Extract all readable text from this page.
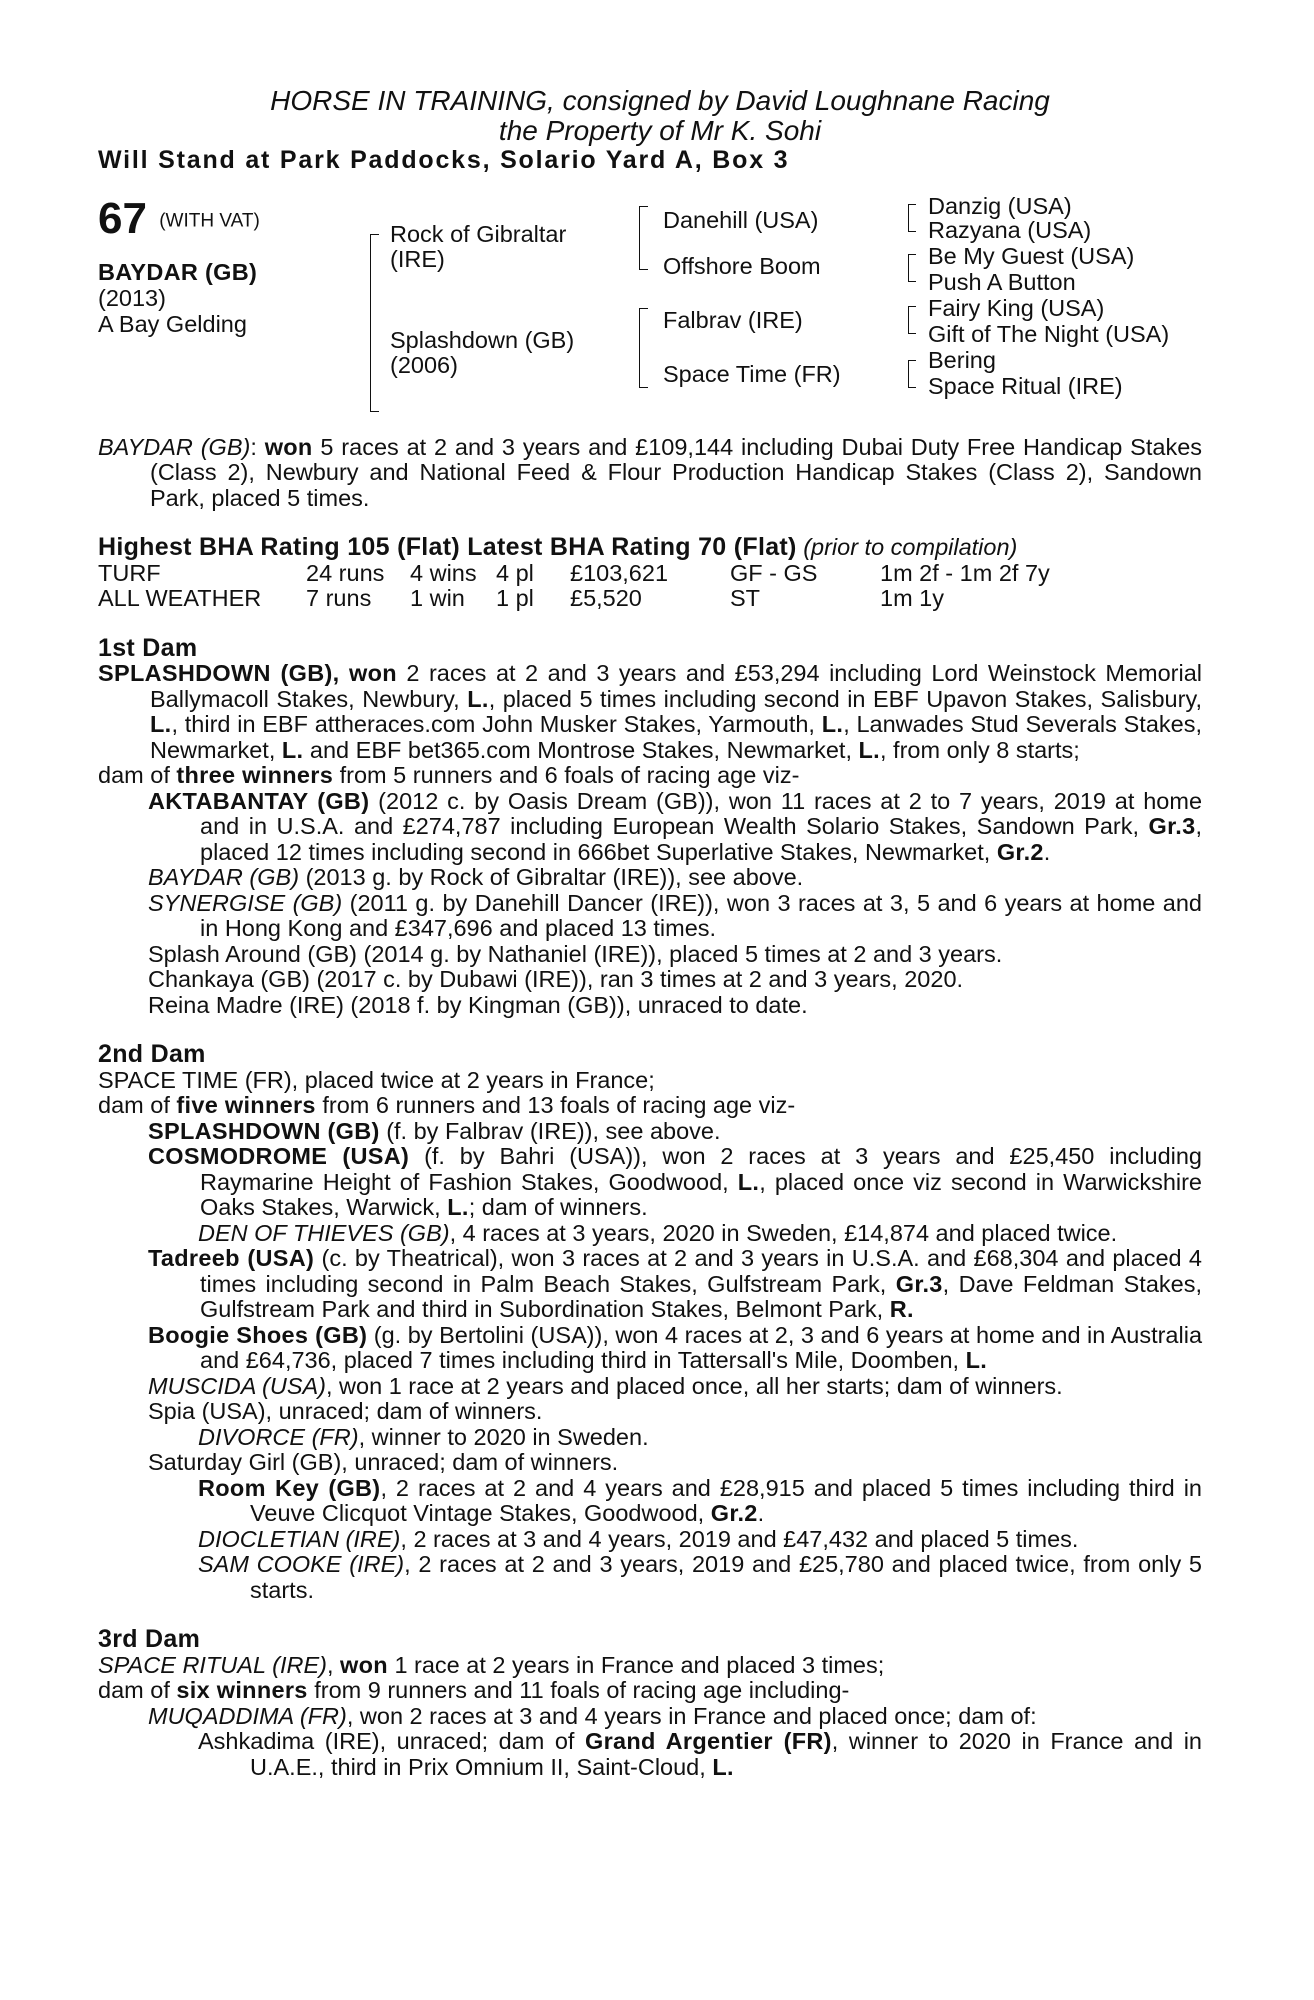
HORSE IN TRAINING, consigned by David Loughnane Racing
the Property of Mr K. Sohi
Will Stand at Park Paddocks, Solario Yard A, Box 3
67 (WITH VAT)
BAYDAR (GB)
(2013)
A Bay Gelding
Rock of Gibraltar (IRE)
Splashdown (GB) (2006)
Danehill (USA)
Offshore Boom
Falbrav (IRE)
Space Time (FR)
Danzig (USA)
Razyana (USA)
Be My Guest (USA)
Push A Button
Fairy King (USA)
Gift of The Night (USA)
Bering
Space Ritual (IRE)

BAYDAR (GB): won 5 races at 2 and 3 years and £109,144 including Dubai Duty Free Handicap Stakes (Class 2), Newbury and National Feed & Flour Production Handicap Stakes (Class 2), Sandown Park, placed 5 times.

Highest BHA Rating 105 (Flat) Latest BHA Rating 70 (Flat) (prior to compilation)
TURF	24 runs	4 wins	4 pl	£103,621	GF - GS	1m 2f - 1m 2f 7y
ALL WEATHER	7 runs	1 win	1 pl	£5,520	ST	1m 1y
1st Dam

SPLASHDOWN (GB), won 2 races at 2 and 3 years and £53,294 including Lord Weinstock Memorial Ballymacoll Stakes, Newbury, L., placed 5 times including second in EBF Upavon Stakes, Salisbury, L., third in EBF attheraces.com John Musker Stakes, Yarmouth, L., Lanwades Stud Severals Stakes, Newmarket, L. and EBF bet365.com Montrose Stakes, Newmarket, L., from only 8 starts;

dam of three winners from 5 runners and 6 foals of racing age viz-

AKTABANTAY (GB) (2012 c. by Oasis Dream (GB)), won 11 races at 2 to 7 years, 2019 at home and in U.S.A. and £274,787 including European Wealth Solario Stakes, Sandown Park, Gr.3, placed 12 times including second in 666bet Superlative Stakes, Newmarket, Gr.2.

BAYDAR (GB) (2013 g. by Rock of Gibraltar (IRE)), see above.

SYNERGISE (GB) (2011 g. by Danehill Dancer (IRE)), won 3 races at 3, 5 and 6 years at home and in Hong Kong and £347,696 and placed 13 times.

Splash Around (GB) (2014 g. by Nathaniel (IRE)), placed 5 times at 2 and 3 years.

Chankaya (GB) (2017 c. by Dubawi (IRE)), ran 3 times at 2 and 3 years, 2020.

Reina Madre (IRE) (2018 f. by Kingman (GB)), unraced to date.

2nd Dam

SPACE TIME (FR), placed twice at 2 years in France;

dam of five winners from 6 runners and 13 foals of racing age viz-

SPLASHDOWN (GB) (f. by Falbrav (IRE)), see above.

COSMODROME (USA) (f. by Bahri (USA)), won 2 races at 3 years and £25,450 including Raymarine Height of Fashion Stakes, Goodwood, L., placed once viz second in Warwickshire Oaks Stakes, Warwick, L.; dam of winners.

DEN OF THIEVES (GB), 4 races at 3 years, 2020 in Sweden, £14,874 and placed twice.

Tadreeb (USA) (c. by Theatrical), won 3 races at 2 and 3 years in U.S.A. and £68,304 and placed 4 times including second in Palm Beach Stakes, Gulfstream Park, Gr.3, Dave Feldman Stakes, Gulfstream Park and third in Subordination Stakes, Belmont Park, R.

Boogie Shoes (GB) (g. by Bertolini (USA)), won 4 races at 2, 3 and 6 years at home and in Australia and £64,736, placed 7 times including third in Tattersall's Mile, Doomben, L.

MUSCIDA (USA), won 1 race at 2 years and placed once, all her starts; dam of winners.

Spia (USA), unraced; dam of winners.

DIVORCE (FR), winner to 2020 in Sweden.

Saturday Girl (GB), unraced; dam of winners.

Room Key (GB), 2 races at 2 and 4 years and £28,915 and placed 5 times including third in Veuve Clicquot Vintage Stakes, Goodwood, Gr.2.

DIOCLETIAN (IRE), 2 races at 3 and 4 years, 2019 and £47,432 and placed 5 times.

SAM COOKE (IRE), 2 races at 2 and 3 years, 2019 and £25,780 and placed twice, from only 5 starts.

3rd Dam

SPACE RITUAL (IRE), won 1 race at 2 years in France and placed 3 times;

dam of six winners from 9 runners and 11 foals of racing age including-

MUQADDIMA (FR), won 2 races at 3 and 4 years in France and placed once; dam of:

Ashkadima (IRE), unraced; dam of Grand Argentier (FR), winner to 2020 in France and in U.A.E., third in Prix Omnium II, Saint-Cloud, L.
